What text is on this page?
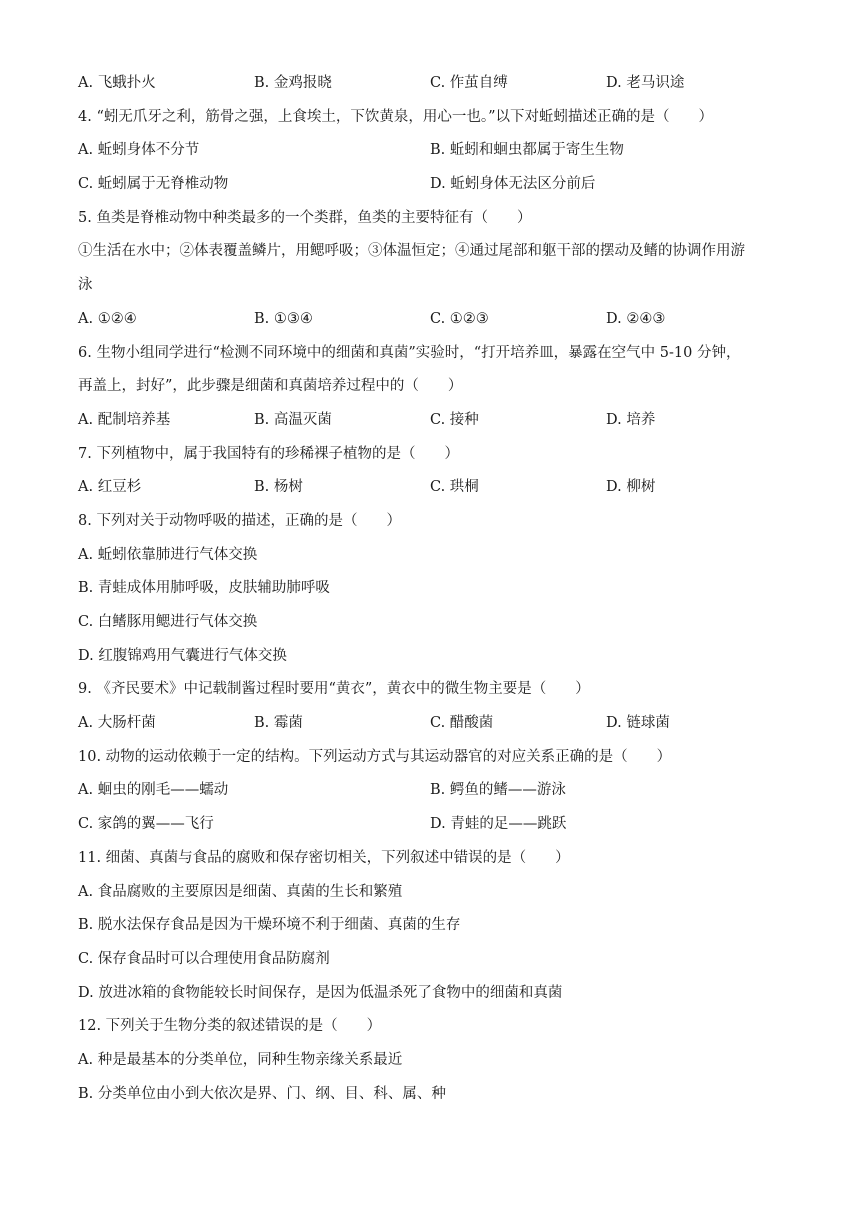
A. 飞蛾扑火	B. 金鸡报晓	C. 作茧自缚	D. 老马识途
4. “蚓无爪牙之利，筋骨之强，上食埃土，下饮黄泉，用心一也。”以下对蚯蚓描述正确的是（　　）
A. 蚯蚓身体不分节	B. 蚯蚓和蛔虫都属于寄生生物
C. 蚯蚓属于无脊椎动物	D. 蚯蚓身体无法区分前后
5. 鱼类是脊椎动物中种类最多的一个类群，鱼类的主要特征有（　　）
①生活在水中；②体表覆盖鳞片，用鳃呼吸；③体温恒定；④通过尾部和躯干部的摆动及鳍的协调作用游
泳
A. ①②④	B. ①③④	C. ①②③	D. ②④③
6. 生物小组同学进行“检测不同环境中的细菌和真菌”实验时，“打开培养皿，暴露在空气中 5-10 分钟，
再盖上，封好”，此步骤是细菌和真菌培养过程中的（　　）
A. 配制培养基	B. 高温灭菌	C. 接种	D. 培养
7. 下列植物中，属于我国特有的珍稀裸子植物的是（　　）
A. 红豆杉	B. 杨树	C. 珙桐	D. 柳树
8. 下列对关于动物呼吸的描述，正确的是（　　）
A. 蚯蚓依靠肺进行气体交换
B. 青蛙成体用肺呼吸，皮肤辅助肺呼吸
C. 白鳍豚用鳃进行气体交换
D. 红腹锦鸡用气囊进行气体交换
9. 《齐民要术》中记载制酱过程时要用“黄衣”，黄衣中的微生物主要是（　　）
A. 大肠杆菌	B. 霉菌	C. 醋酸菌	D. 链球菌
10. 动物的运动依赖于一定的结构。下列运动方式与其运动器官的对应关系正确的是（　　）
A. 蛔虫的刚毛——蠕动	B. 鳄鱼的鳍——游泳
C. 家鸽的翼——飞行	D. 青蛙的足——跳跃
11. 细菌、真菌与食品的腐败和保存密切相关，下列叙述中错误的是（　　）
A. 食品腐败的主要原因是细菌、真菌的生长和繁殖
B. 脱水法保存食品是因为干燥环境不利于细菌、真菌的生存
C. 保存食品时可以合理使用食品防腐剂
D. 放进冰箱的食物能较长时间保存，是因为低温杀死了食物中的细菌和真菌
12. 下列关于生物分类的叙述错误的是（　　）
A. 种是最基本的分类单位，同种生物亲缘关系最近
B. 分类单位由小到大依次是界、门、纲、目、科、属、种
